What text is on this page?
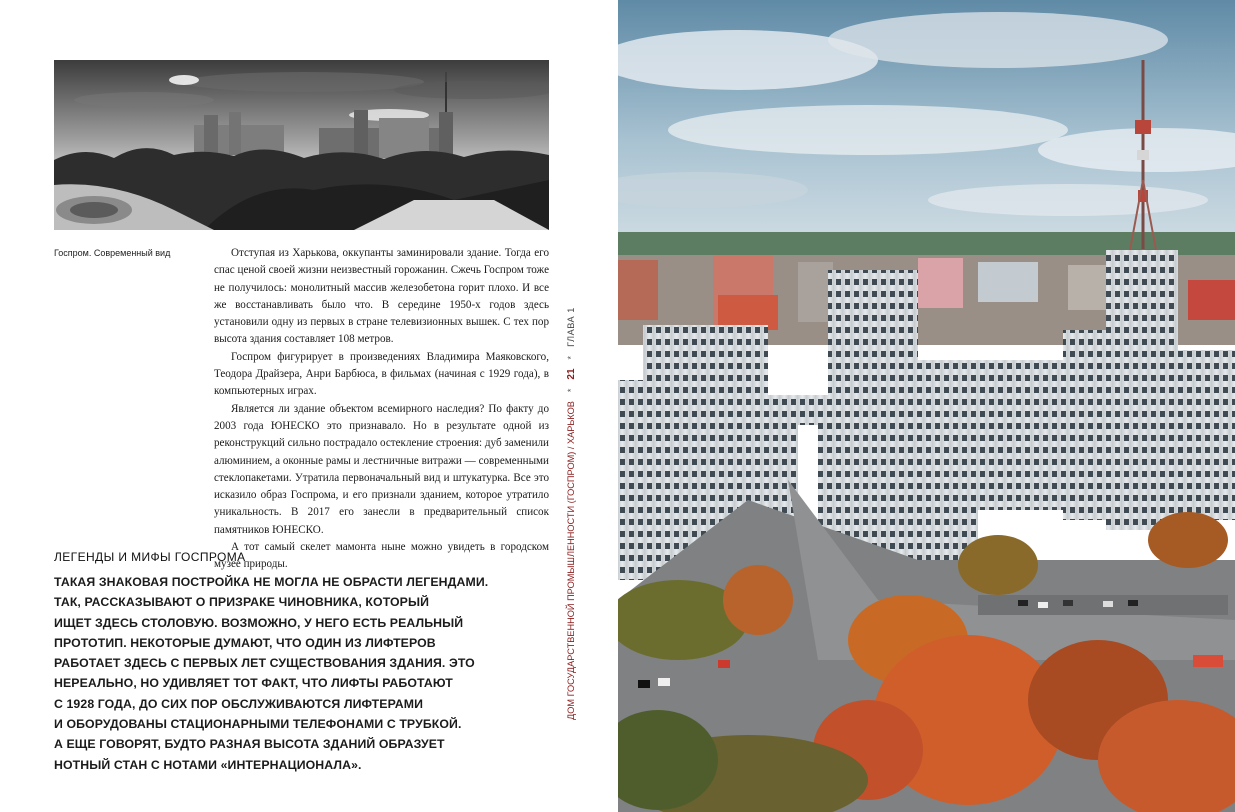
Госпром. Современный вид	Отступая из Харькова, оккупанты заминировали здание. Тогда его спас ценой своей жизни неизвестный горожанин. Сжечь Госпром тоже не получилось: монолитный массив железобетона горит плохо. И все же восстанавливать было что. В середине 1950-х годов здесь установили одну из первых в стране телевизионных вышек. С тех пор высота здания составляет 108 метров.

Госпром фигурирует в произведениях Владимира Маяковского, Теодора Драйзера, Анри Барбюса, в фильмах (начиная с 1929 года), в компьютерных играх.

Является ли здание объектом всемирного наследия? По факту до 2003 года ЮНЕСКО это признавало. Но в результате одной из реконструкций сильно пострадало остекление строения: дуб заменили алюминием, а оконные рамы и лестничные витражи — современными стеклопакетами. Утратила первоначальный вид и штукатурка. Все это исказило образ Госпрома, и его признали зданием, которое утратило уникальность. В 2017 его занесли в предварительный список памятников ЮНЕСКО.

А тот самый скелет мамонта ныне можно увидеть в городском музее природы.

ЛЕГЕНДЫ И МИФЫ ГОСПРОМА
ТАКАЯ ЗНАКОВАЯ ПОСТРОЙКА НЕ МОГЛА НЕ ОБРАСТИ ЛЕГЕНДАМИ.
ТАК, РАССКАЗЫВАЮТ О ПРИЗРАКЕ ЧИНОВНИКА, КОТОРЫЙ
ИЩЕТ ЗДЕСЬ СТОЛОВУЮ. ВОЗМОЖНО, У НЕГО ЕСТЬ РЕАЛЬНЫЙ
ПРОТОТИП. НЕКОТОРЫЕ ДУМАЮТ, ЧТО ОДИН ИЗ ЛИФТЕРОВ
РАБОТАЕТ ЗДЕСЬ С ПЕРВЫХ ЛЕТ СУЩЕСТВОВАНИЯ ЗДАНИЯ. ЭТО
НЕРЕАЛЬНО, НО УДИВЛЯЕТ ТОТ ФАКТ, ЧТО ЛИФТЫ РАБОТАЮТ
С 1928 ГОДА, ДО СИХ ПОР ОБСЛУЖИВАЮТСЯ ЛИФТЕРАМИ
И ОБОРУДОВАНЫ СТАЦИОНАРНЫМИ ТЕЛЕФОНАМИ С ТРУБКОЙ.
А ЕЩЕ ГОВОРЯТ, БУДТО РАЗНАЯ ВЫСОТА ЗДАНИЙ ОБРАЗУЕТ
НОТНЫЙ СТАН С НОТАМИ «ИНТЕРНАЦИОНАЛА».
ДОМ ГОСУДАРСТВЕННОЙ ПРОМЫШЛЕННОСТИ (ГОСПРОМ) / ХАРЬКОВ
*
21
*
ГЛАВА 1
